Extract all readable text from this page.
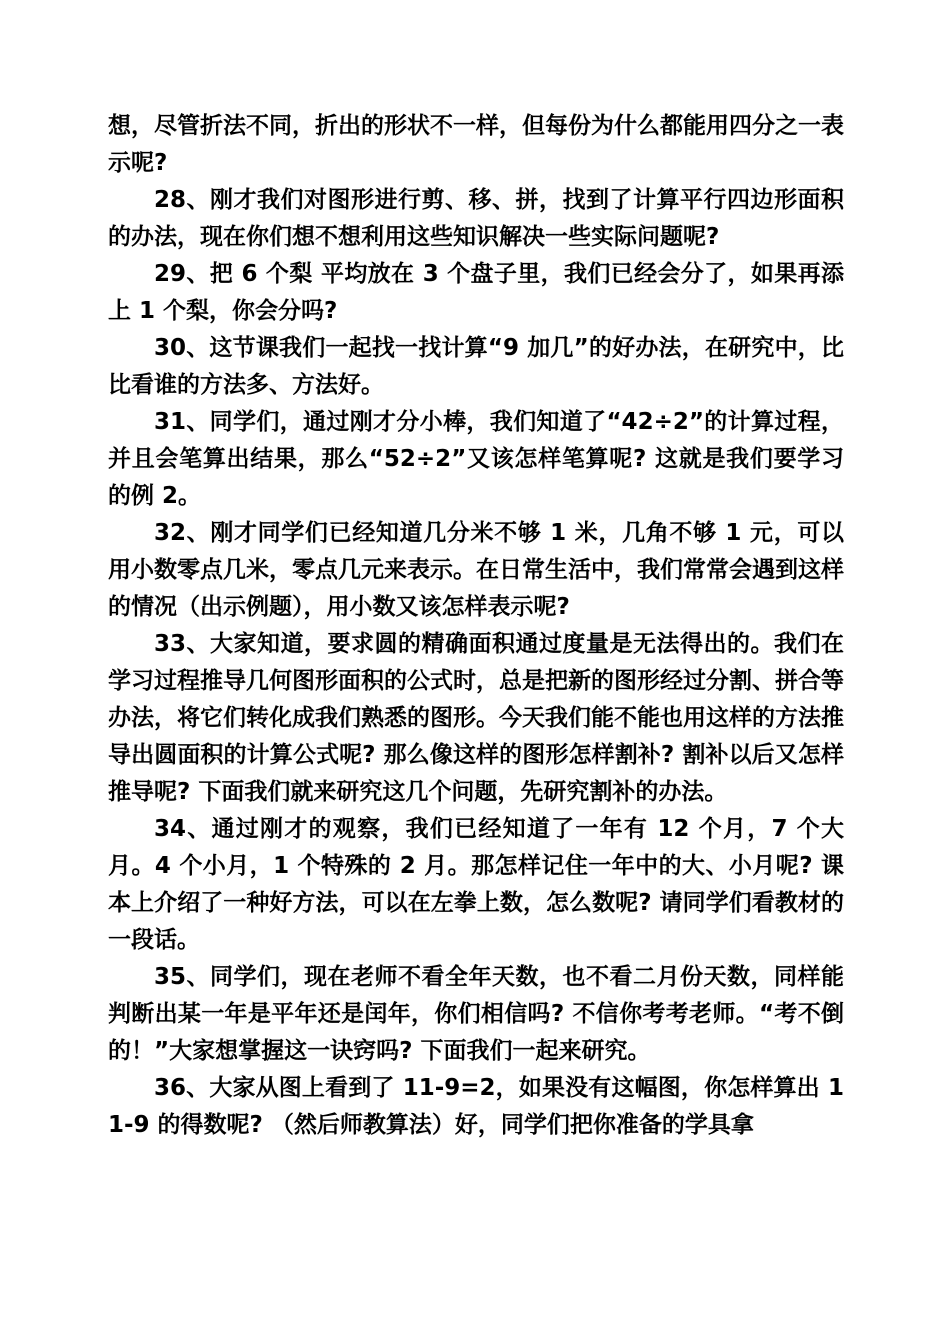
想，尽管折法不同，折出的形状不一样，但每份为什么都能用四分之一表示呢?

28、刚才我们对图形进行剪、移、拼，找到了计算平行四边形面积的办法，现在你们想不想利用这些知识解决一些实际问题呢?

29、把 6 个梨 平均放在 3 个盘子里，我们已经会分了，如果再添上 1 个梨，你会分吗?

30、这节课我们一起找一找计算“9 加几”的好办法，在研究中，比比看谁的方法多、方法好。

31、同学们，通过刚才分小棒，我们知道了“42÷2”的计算过程，并且会笔算出结果，那么“52÷2”又该怎样笔算呢? 这就是我们要学习的例 2。

32、刚才同学们已经知道几分米不够 1 米，几角不够 1 元，可以用小数零点几米，零点几元来表示。在日常生活中，我们常常会遇到这样的情况（出示例题），用小数又该怎样表示呢?

33、大家知道，要求圆的精确面积通过度量是无法得出的。我们在学习过程推导几何图形面积的公式时，总是把新的图形经过分割、拼合等办法，将它们转化成我们熟悉的图形。今天我们能不能也用这样的方法推导出圆面积的计算公式呢? 那么像这样的图形怎样割补? 割补以后又怎样推导呢? 下面我们就来研究这几个问题，先研究割补的办法。

34、通过刚才的观察，我们已经知道了一年有 12 个月，7 个大月。4 个小月，1 个特殊的 2 月。那怎样记住一年中的大、小月呢? 课本上介绍了一种好方法，可以在左拳上数，怎么数呢? 请同学们看教材的一段话。

35、同学们，现在老师不看全年天数，也不看二月份天数，同样能判断出某一年是平年还是闰年，你们相信吗? 不信你考考老师。“考不倒的！”大家想掌握这一诀窍吗? 下面我们一起来研究。

36、大家从图上看到了 11-9=2，如果没有这幅图，你怎样算出 11-9 的得数呢? （然后师教算法）好，同学们把你准备的学具拿
